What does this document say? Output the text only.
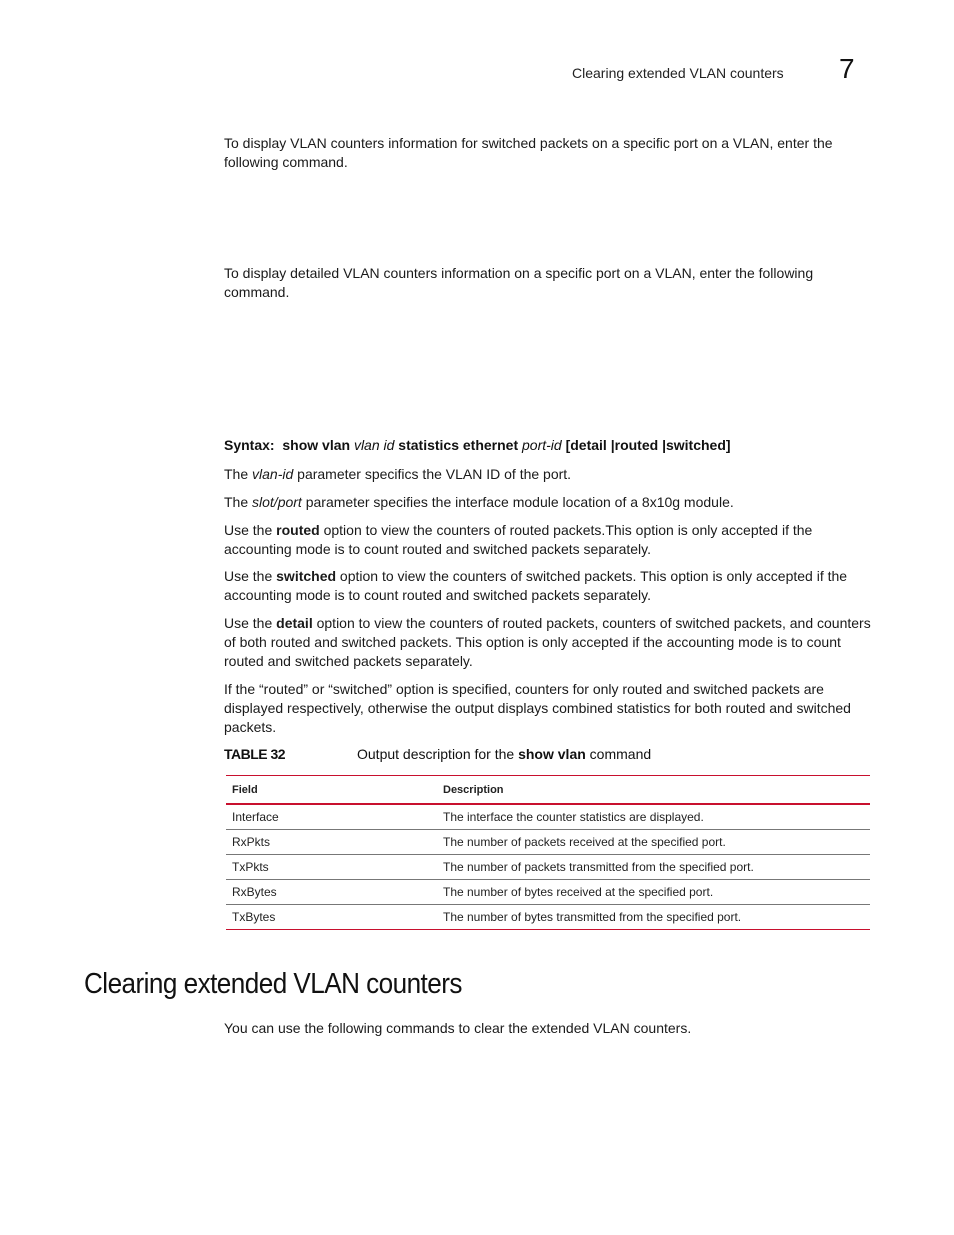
Clearing extended VLAN counters 7
To display VLAN counters information for switched packets on a specific port on a VLAN, enter the following command.
To display detailed VLAN counters information on a specific port on a VLAN, enter the following command.
Syntax: show vlan vlan id statistics ethernet port-id [detail |routed |switched]
The vlan-id parameter specifics the VLAN ID of the port.
The slot/port parameter specifies the interface module location of a 8x10g module.
Use the routed option to view the counters of routed packets.This option is only accepted if the accounting mode is to count routed and switched packets separately.
Use the switched option to view the counters of switched packets. This option is only accepted if the accounting mode is to count routed and switched packets separately.
Use the detail option to view the counters of routed packets, counters of switched packets, and counters of both routed and switched packets. This option is only accepted if the accounting mode is to count routed and switched packets separately.
If the “routed” or “switched” option is specified, counters for only routed and switched packets are displayed respectively, otherwise the output displays combined statistics for both routed and switched packets.
TABLE 32	Output description for the show vlan command
Field	Description
Interface	The interface the counter statistics are displayed.
RxPkts	The number of packets received at the specified port.
TxPkts	The number of packets transmitted from the specified port.
RxBytes	The number of bytes received at the specified port.
TxBytes	The number of bytes transmitted from the specified port.
Clearing extended VLAN counters
You can use the following commands to clear the extended VLAN counters.
